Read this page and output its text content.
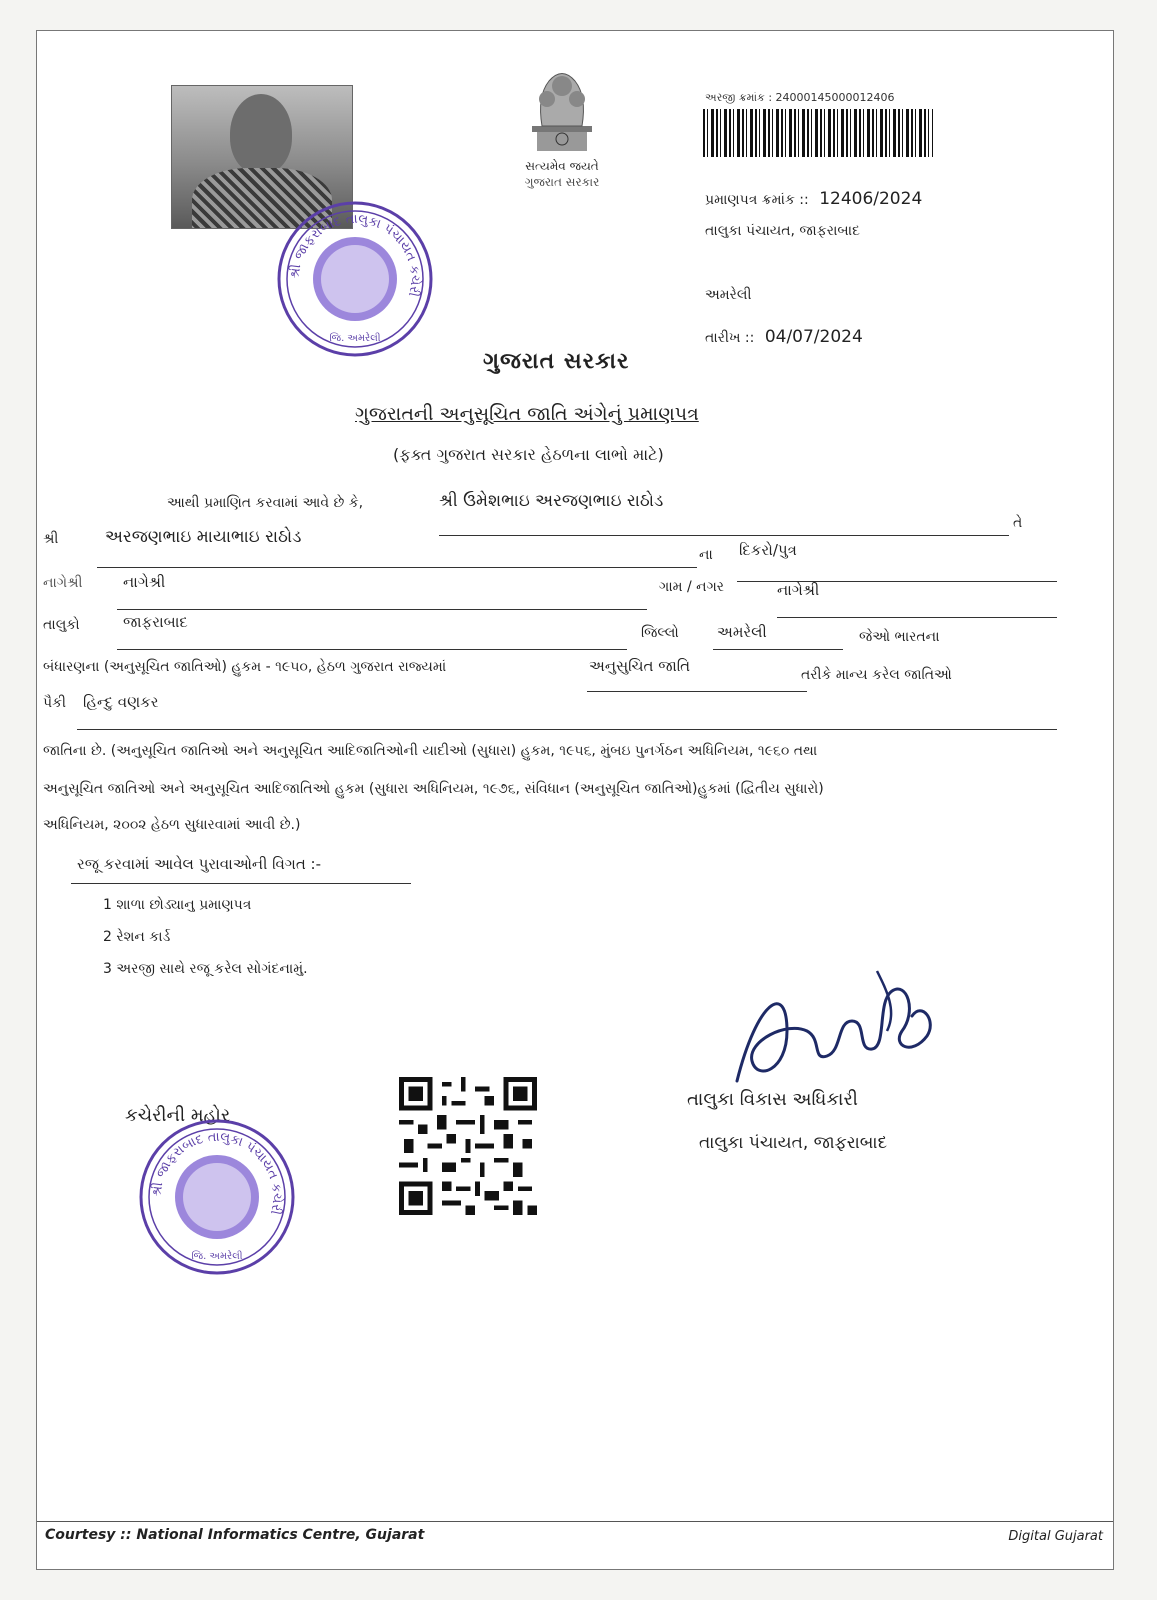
સત્યમેવ જયતે
ગુજરાત સરકાર
અરજી ક્રમાંક : 24000145000012406
પ્રમાણપત્ર ક્રમાંક :: 12406/2024
તાલુકા પંચાયત, જાફરાબાદ
અમરેલી
તારીખ :: 04/07/2024
શ્રી જાફરાબાદ તાલુકા પંચાયત કચેરી
જિ. અમરેલી
ગુજરાત સરકાર
ગુજરાતની અનુસૂચિત જાતિ અંગેનું પ્રમાણપત્ર
(ફક્ત ગુજરાત સરકાર હેઠળના લાભો માટે)
આથી પ્રમાણિત કરવામાં આવે છે કે,	શ્રી ઉમેશભાઇ અરજણભાઇ રાઠોડ
તે
શ્રી	અરજણભાઇ માયાભાઇ રાઠોડ
ના દિકરો/પુત્ર
નાગેશ્રી	નાગેશ્રી	ગામ / નગર	નાગેશ્રી
તાલુકો	જાફરાબાદ
જિલ્લો	અમરેલી	જેઓ ભારતના
બંધારણના (અનુસૂચિત જાતિઓ) હુકમ - ૧૯૫૦, હેઠળ ગુજરાત રાજ્યમાં	અનુસુચિત જાતિ	તરીકે માન્ય કરેલ જાતિઓ
પૈકી હિન્દુ વણકર
જાતિના છે. (અનુસૂચિત જાતિઓ અને અનુસૂચિત આદિજાતિઓની યાદીઓ (સુધારા) હુકમ, ૧૯૫૬, મુંબઇ પુનર્ગઠન અધિનિયમ, ૧૯૬૦ તથા
અનુસૂચિત જાતિઓ અને અનુસૂચિત આદિજાતિઓ હુકમ (સુધારા અધિનિયમ, ૧૯૭૬, સંવિધાન (અનુસૂચિત જાતિઓ)હુકમાં (દ્વિતીય સુધારો)
અધિનિયમ, ૨૦૦૨ હેઠળ સુધારવામાં આવી છે.)
રજૂ કરવામાં આવેલ પુરાવાઓની વિગત :-
1 શાળા છોડ્યાનુ પ્રમાણપત્ર
2 રેશન કાર્ડ
3 અરજી સાથે રજૂ કરેલ સોગંદનામું.
તાલુકા વિકાસ અધિકારી
તાલુકા પંચાયત, જાફરાબાદ
કચેરીની મહોર
શ્રી જાફરાબાદ તાલુકા પંચાયત કચેરી
જિ. અમરેલી
Courtesy :: National Informatics Centre, Gujarat	Digital Gujarat
